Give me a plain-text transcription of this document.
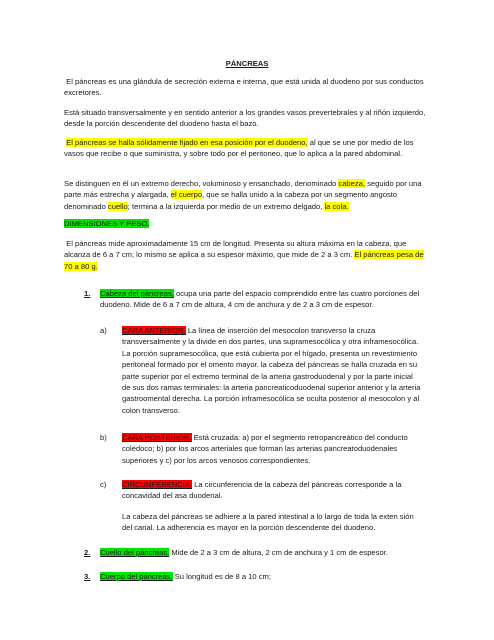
PÁNCREAS

El páncreas es una glándula de secreción externa e interna, que está unida al duodeno por sus conductos excretores.

Está situado transversalmente y en sentido anterior a los grandes vasos prevertebrales y al riñón izquierdo, desde la porción descendente del duodeno hasta el bazo.

El páncreas se halla sólidamente fijado en esa posición por el duodeno, al que se une por medio de los vasos que recibe o que suministra, y sobre todo por el peritoneo, que lo aplica a la pared abdominal.

Se distinguen en él un extremo derecho, voluminoso y ensanchado, denominado cabeza, seguido por una parte más estrecha y alargada, el cuerpo, que se halla unido a la cabeza por un segmento angosto denominado cuello; termina a la izquierda por medio de un extremo delgado, la cola.

DIMENSIONES Y PESO.

El páncreas mide aproximadamente 15 cm de longitud. Presenta su altura máxima en la cabeza, que alcanza de 6 a 7 cm; lo mismo se aplica a su espesor máximo, que mide de 2 a 3 cm. El páncreas pesa de 70 a 80 g.

1. Cabeza del páncreas, ocupa una parte del espacio comprendido entre las cuatro porciones del duodeno. Mide de 6 a 7 cm de altura, 4 cm de anchura y de 2 a 3 cm de espesor.

a) CARA ANTERIOR. La línea de inserción del mesocolon transverso la cruza transversalmente y la divide en dos partes, una supramesocólica y otra inframesocólica. La porción supramesocólica, que está cubierta por el hígado, presenta un revestimiento peritoneal formado por el omento mayor. la cabeza del páncreas se halla cruzada en su parte superior por el extremo terminal de la arteria gastroduodenal y por la parte inicial de sus dos ramas terminales: la arteria pancreaticoduodenal superior anterior y la arteria gastroomental derecha. La porción inframesocólica se oculta posterior al mesocolon y al colon transverso.

b) CARA POSTERIOR. Está cruzada: a) por el segmento retropancreático del conducto colédoco; b) por los arcos arteriales que forman las arterias pancreatoduodenales superiores y c) por los arcos venosos correspondientes.

c) CIRCUNFERENCIA. La circunferencia de la cabeza del páncreas corresponde a la concavidad del asa duodenal.

La cabeza del páncreas se adhiere a la pared intestinal a lo largo de toda la exten sión del canal. La adherencia es mayor en la porción descendente del duodeno.

2. Cuello del páncreas. Mide de 2 a 3 cm de altura, 2 cm de anchura y 1 cm de espesor.

3. Cuerpo del páncreas. Su longitud es de 8 a 10 cm;
